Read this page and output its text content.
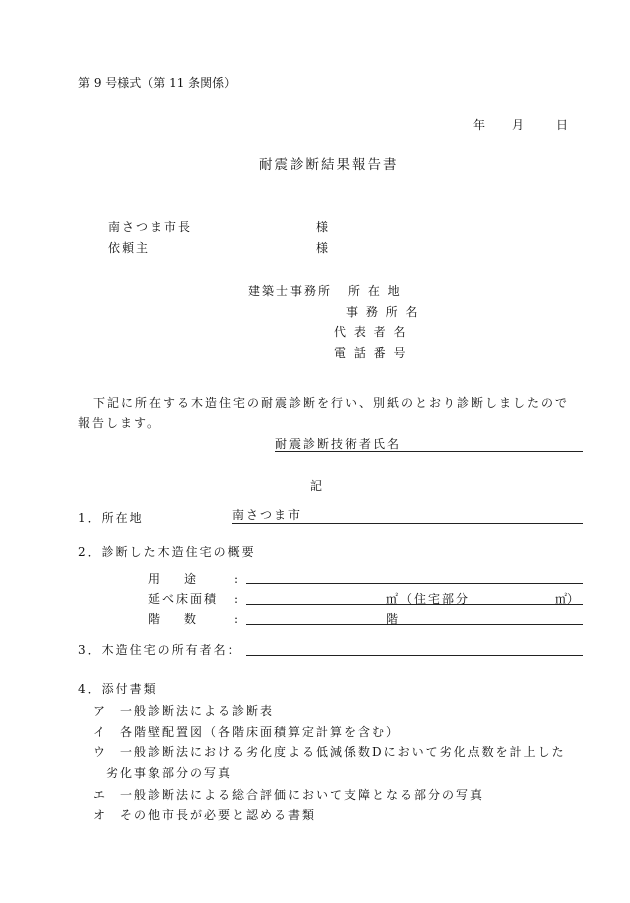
第 9 号様式（第 11 条関係）
年 月	日
耐震診断結果報告書
南さつま市長	様
依頼主	様
建築士事務所 所 在 地
事 務 所 名
代 表 者 名
電 話 番 号
下記に所在する木造住宅の耐震診断を行い、別紙のとおり診断しましたので
報告します。
耐震診断技術者氏名
記
1．所在地	南さつま市
2．診断した木造住宅の概要
用　　途	:
延べ床面積 :	㎡（住宅部分	㎡）
階　　数	:	階
3．木造住宅の所有者名：
4．添付書類
ア 一般診断法による診断表
イ 各階壁配置図（各階床面積算定計算を含む）
ウ 一般診断法における劣化度よる低減係数Dにおいて劣化点数を計上した
劣化事象部分の写真
エ 一般診断法による総合評価において支障となる部分の写真
オ その他市長が必要と認める書類
